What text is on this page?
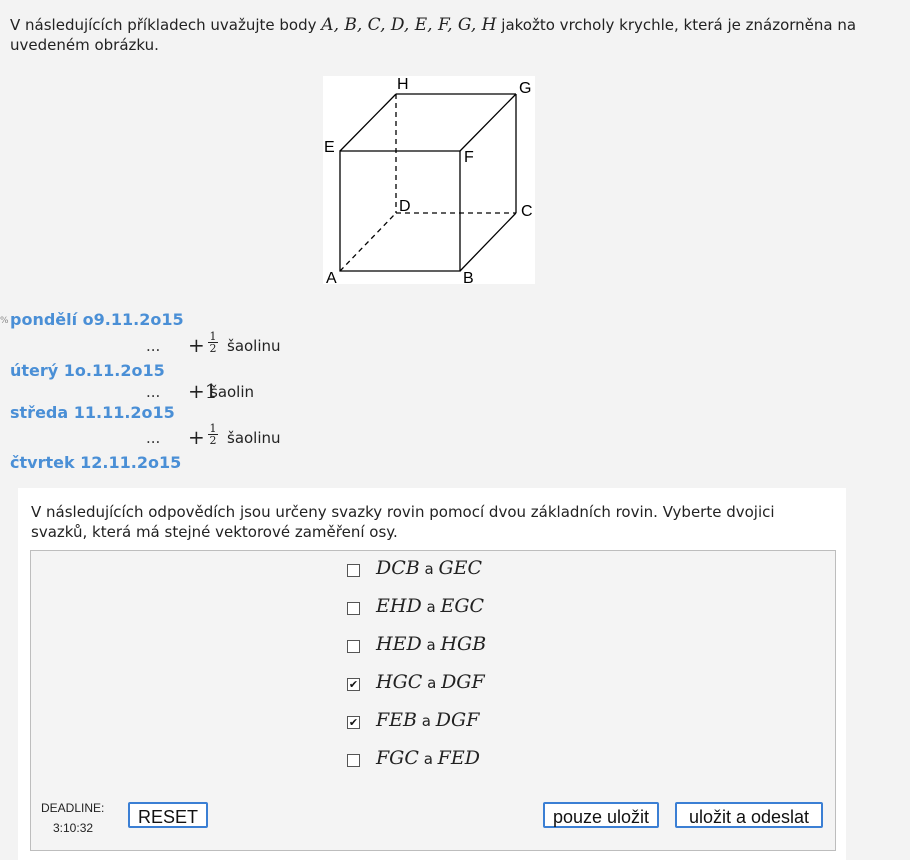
V následujících příkladech uvažujte body A, B, C, D, E, F, G, H jakožto vrcholy krychle, která je znázorněna na uvedeném obrázku.
H	G
E
F
D	C
A	B
% pondělí o9.11.2o15
... + $\frac{1}{2}$ šaolinu
úterý 1o.11.2o15
... +1
šaolin
středa 11.11.2o15
... + $\frac{1}{2}$ šaolinu
čtvrtek 12.11.2o15
V následujících odpovědích jsou určeny svazky rovin pomocí dvou základních rovin. Vyberte dvojici svazků, která má stejné vektorové zaměření osy.
DCB a GEC
EHD a EGC
HED a HGB
✔ HGC a DGF
✔ FEB a DGF
FGC a FED
DEADLINE:
3:10:32
RESET	pouze uložit	uložit a odeslat
